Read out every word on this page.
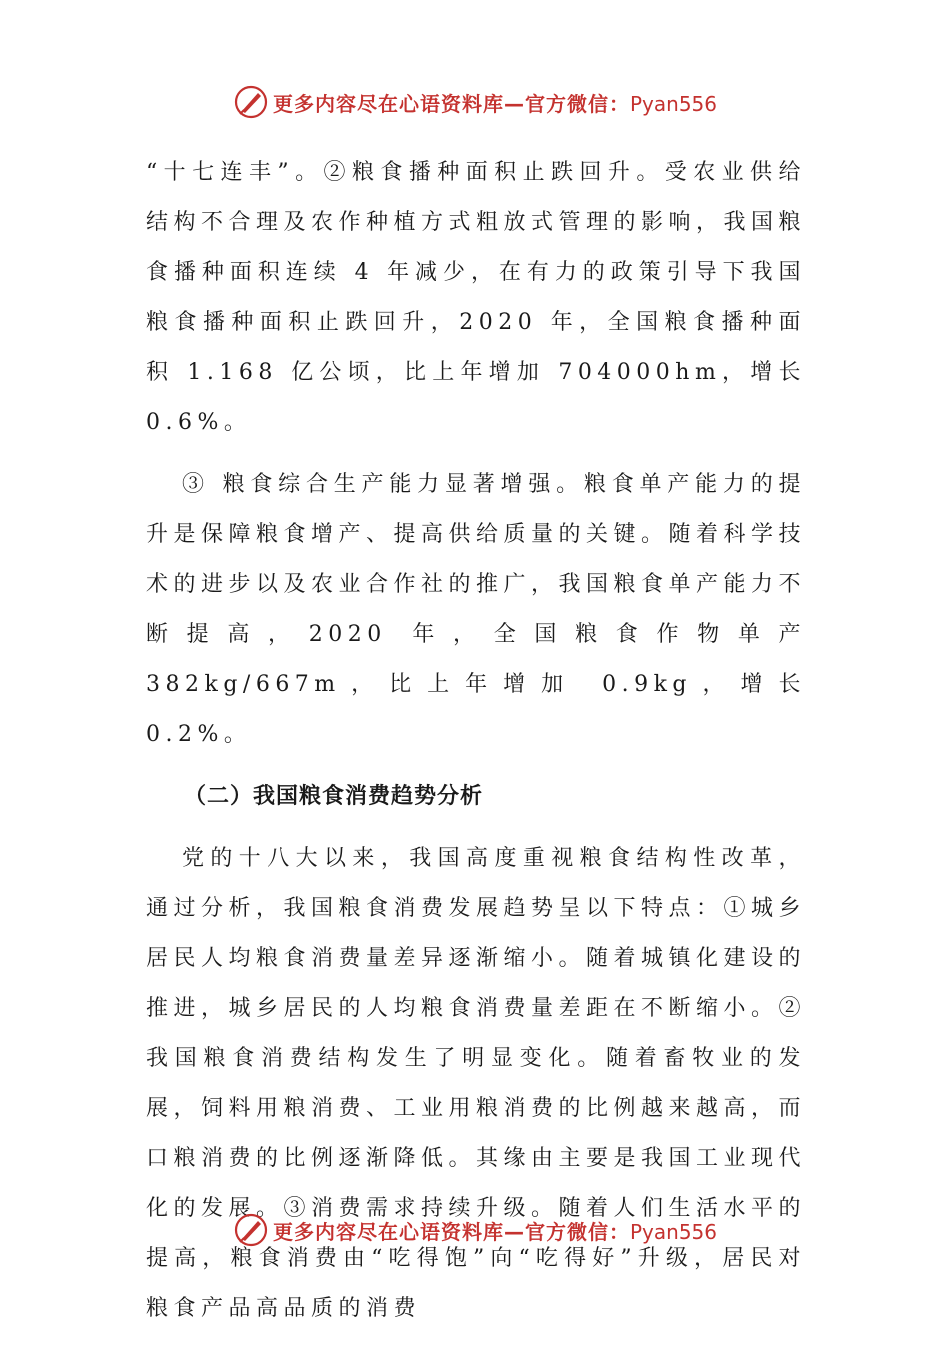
更多内容尽在心语资料库—官方微信：Pyan556

“十七连丰”。②粮食播种面积止跌回升。受农业供给结构不合理及农作种植方式粗放式管理的影响，我国粮食播种面积连续 4 年减少，在有力的政策引导下我国粮食播种面积止跌回升，2020 年，全国粮食播种面积 1.168 亿公顷，比上年增加 704000hm，增长 0.6%。

③ 粮食综合生产能力显著增强。粮食单产能力的提升是保障粮食增产、提高供给质量的关键。随着科学技术的进步以及农业合作社的推广，我国粮食单产能力不断提高，2020 年，全国粮食作物单产 382kg/667m，比上年增加 0.9kg，增长 0.2%。

（二）我国粮食消费趋势分析

党的十八大以来，我国高度重视粮食结构性改革，通过分析，我国粮食消费发展趋势呈以下特点：①城乡居民人均粮食消费量差异逐渐缩小。随着城镇化建设的推进，城乡居民的人均粮食消费量差距在不断缩小。②我国粮食消费结构发生了明显变化。随着畜牧业的发展，饲料用粮消费、工业用粮消费的比例越来越高，而口粮消费的比例逐渐降低。其缘由主要是我国工业现代化的发展。③消费需求持续升级。随着人们生活水平的提高，粮食消费由“吃得饱”向“吃得好”升级，居民对粮食产品高品质的消费

更多内容尽在心语资料库—官方微信：Pyan556
